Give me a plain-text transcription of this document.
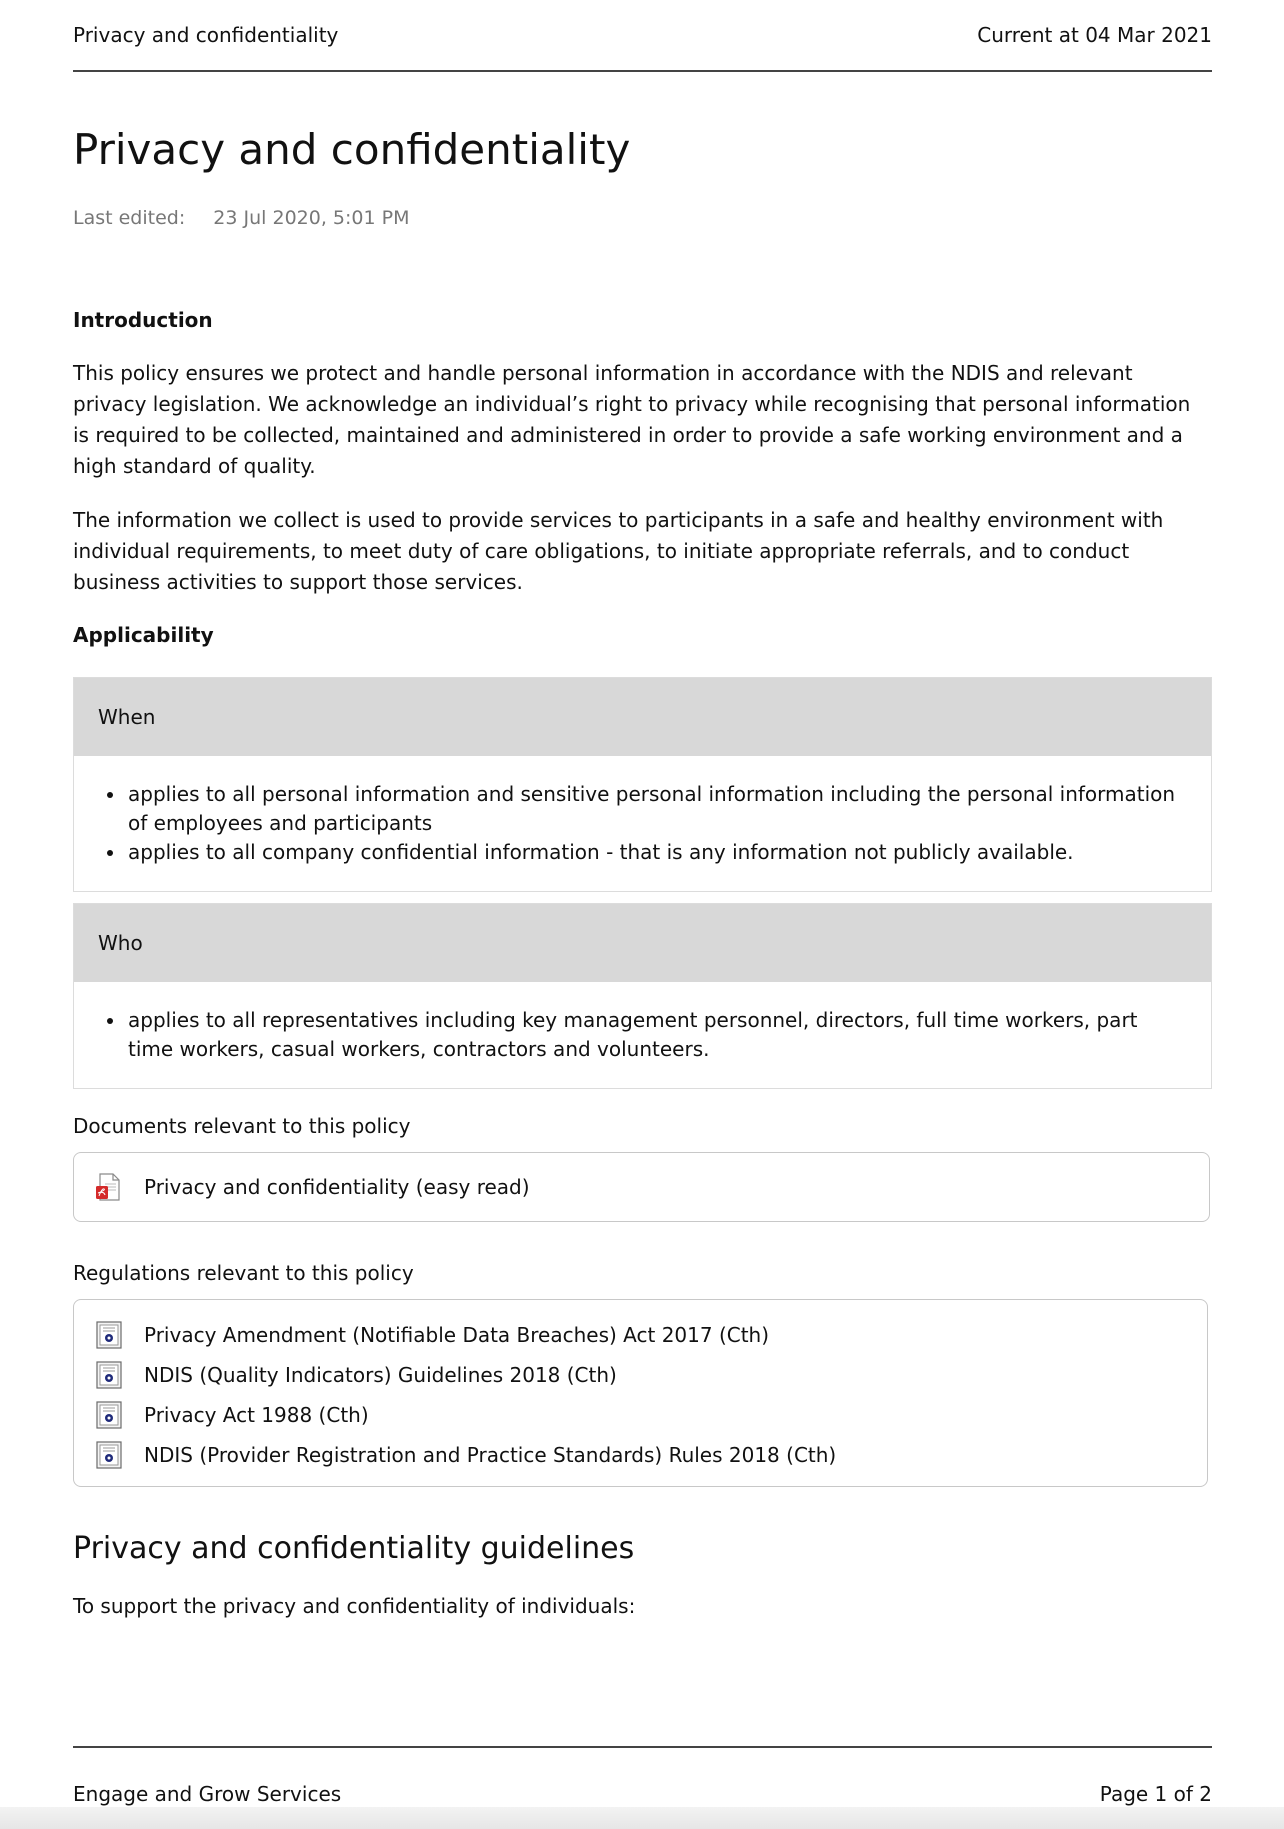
Privacy and confidentiality	Current at 04 Mar 2021
Privacy and confidentiality
Last edited: 23 Jul 2020, 5:01 PM
Introduction

This policy ensures we protect and handle personal information in accordance with the NDIS and relevant privacy legislation. We acknowledge an individual’s right to privacy while recognising that personal information is required to be collected, maintained and administered in order to provide a safe working environment and a high standard of quality.

The information we collect is used to provide services to participants in a safe and healthy environment with individual requirements, to meet duty of care obligations, to initiate appropriate referrals, and to conduct business activities to support those services.

Applicability
When
• applies to all personal information and sensitive personal information including the personal information of employees and participants
• applies to all company confidential information - that is any information not publicly available.
Who
• applies to all representatives including key management personnel, directors, full time workers, part time workers, casual workers, contractors and volunteers.
Documents relevant to this policy
Privacy and confidentiality (easy read)
Regulations relevant to this policy
Privacy Amendment (Notifiable Data Breaches) Act 2017 (Cth)
NDIS (Quality Indicators) Guidelines 2018 (Cth)
Privacy Act 1988 (Cth)
NDIS (Provider Registration and Practice Standards) Rules 2018 (Cth)
Privacy and confidentiality guidelines
To support the privacy and confidentiality of individuals:
Engage and Grow Services	Page 1 of 2
